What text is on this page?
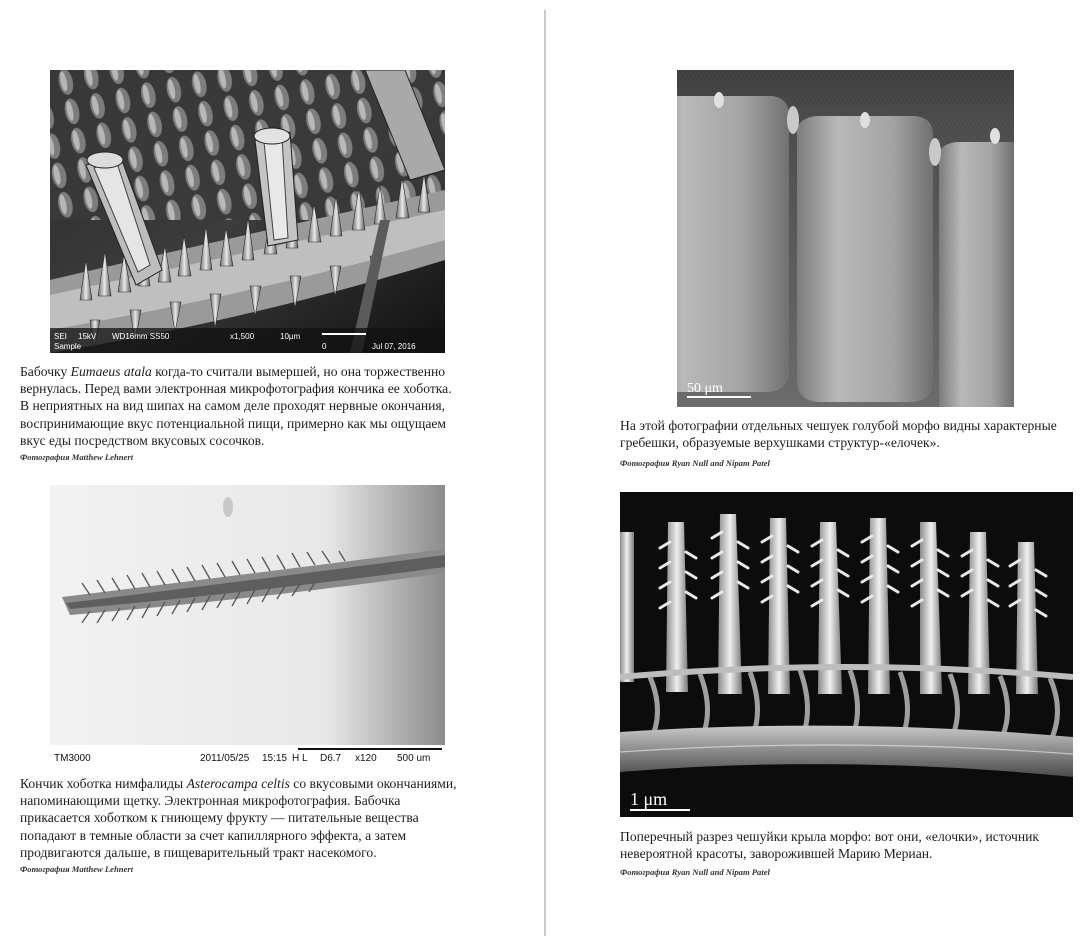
SEI 15kV WD16mm SS50	x1,500	10μm
Sample	0	Jul 07, 2016
Бабочку Eumaeus atala когда-то считали вымершей, но она торжественно
вернулась. Перед вами электронная микрофотография кончика ее хоботка.
В неприятных на вид шипах на самом деле проходят нервные окончания,
воспринимающие вкус потенциальной пищи, примерно как мы ощущаем
вкус еды посредством вкусовых сосочков.
Фотография Matthew Lehnert
TM3000	2011/05/25 15:15 H L D6.7 x120 500 um
Кончик хоботка нимфалиды Asterocampa celtis со вкусовыми окончаниями,
напоминающими щетку. Электронная микрофотография. Бабочка
прикасается хоботком к гниющему фрукту — питательные вещества
попадают в темные области за счет капиллярного эффекта, а затем
продвигаются дальше, в пищеварительный тракт насекомого.
Фотография Matthew Lehnert
50 μm
На этой фотографии отдельных чешуек голубой морфо видны характерные
гребешки, образуемые верхушками структур-«елочек».
Фотография Ryan Null and Nipam Patel
1 μm
Поперечный разрез чешуйки крыла морфо: вот они, «елочки», источник
невероятной красоты, заворожившей Марию Мериан.
Фотография Ryan Null and Nipam Patel
